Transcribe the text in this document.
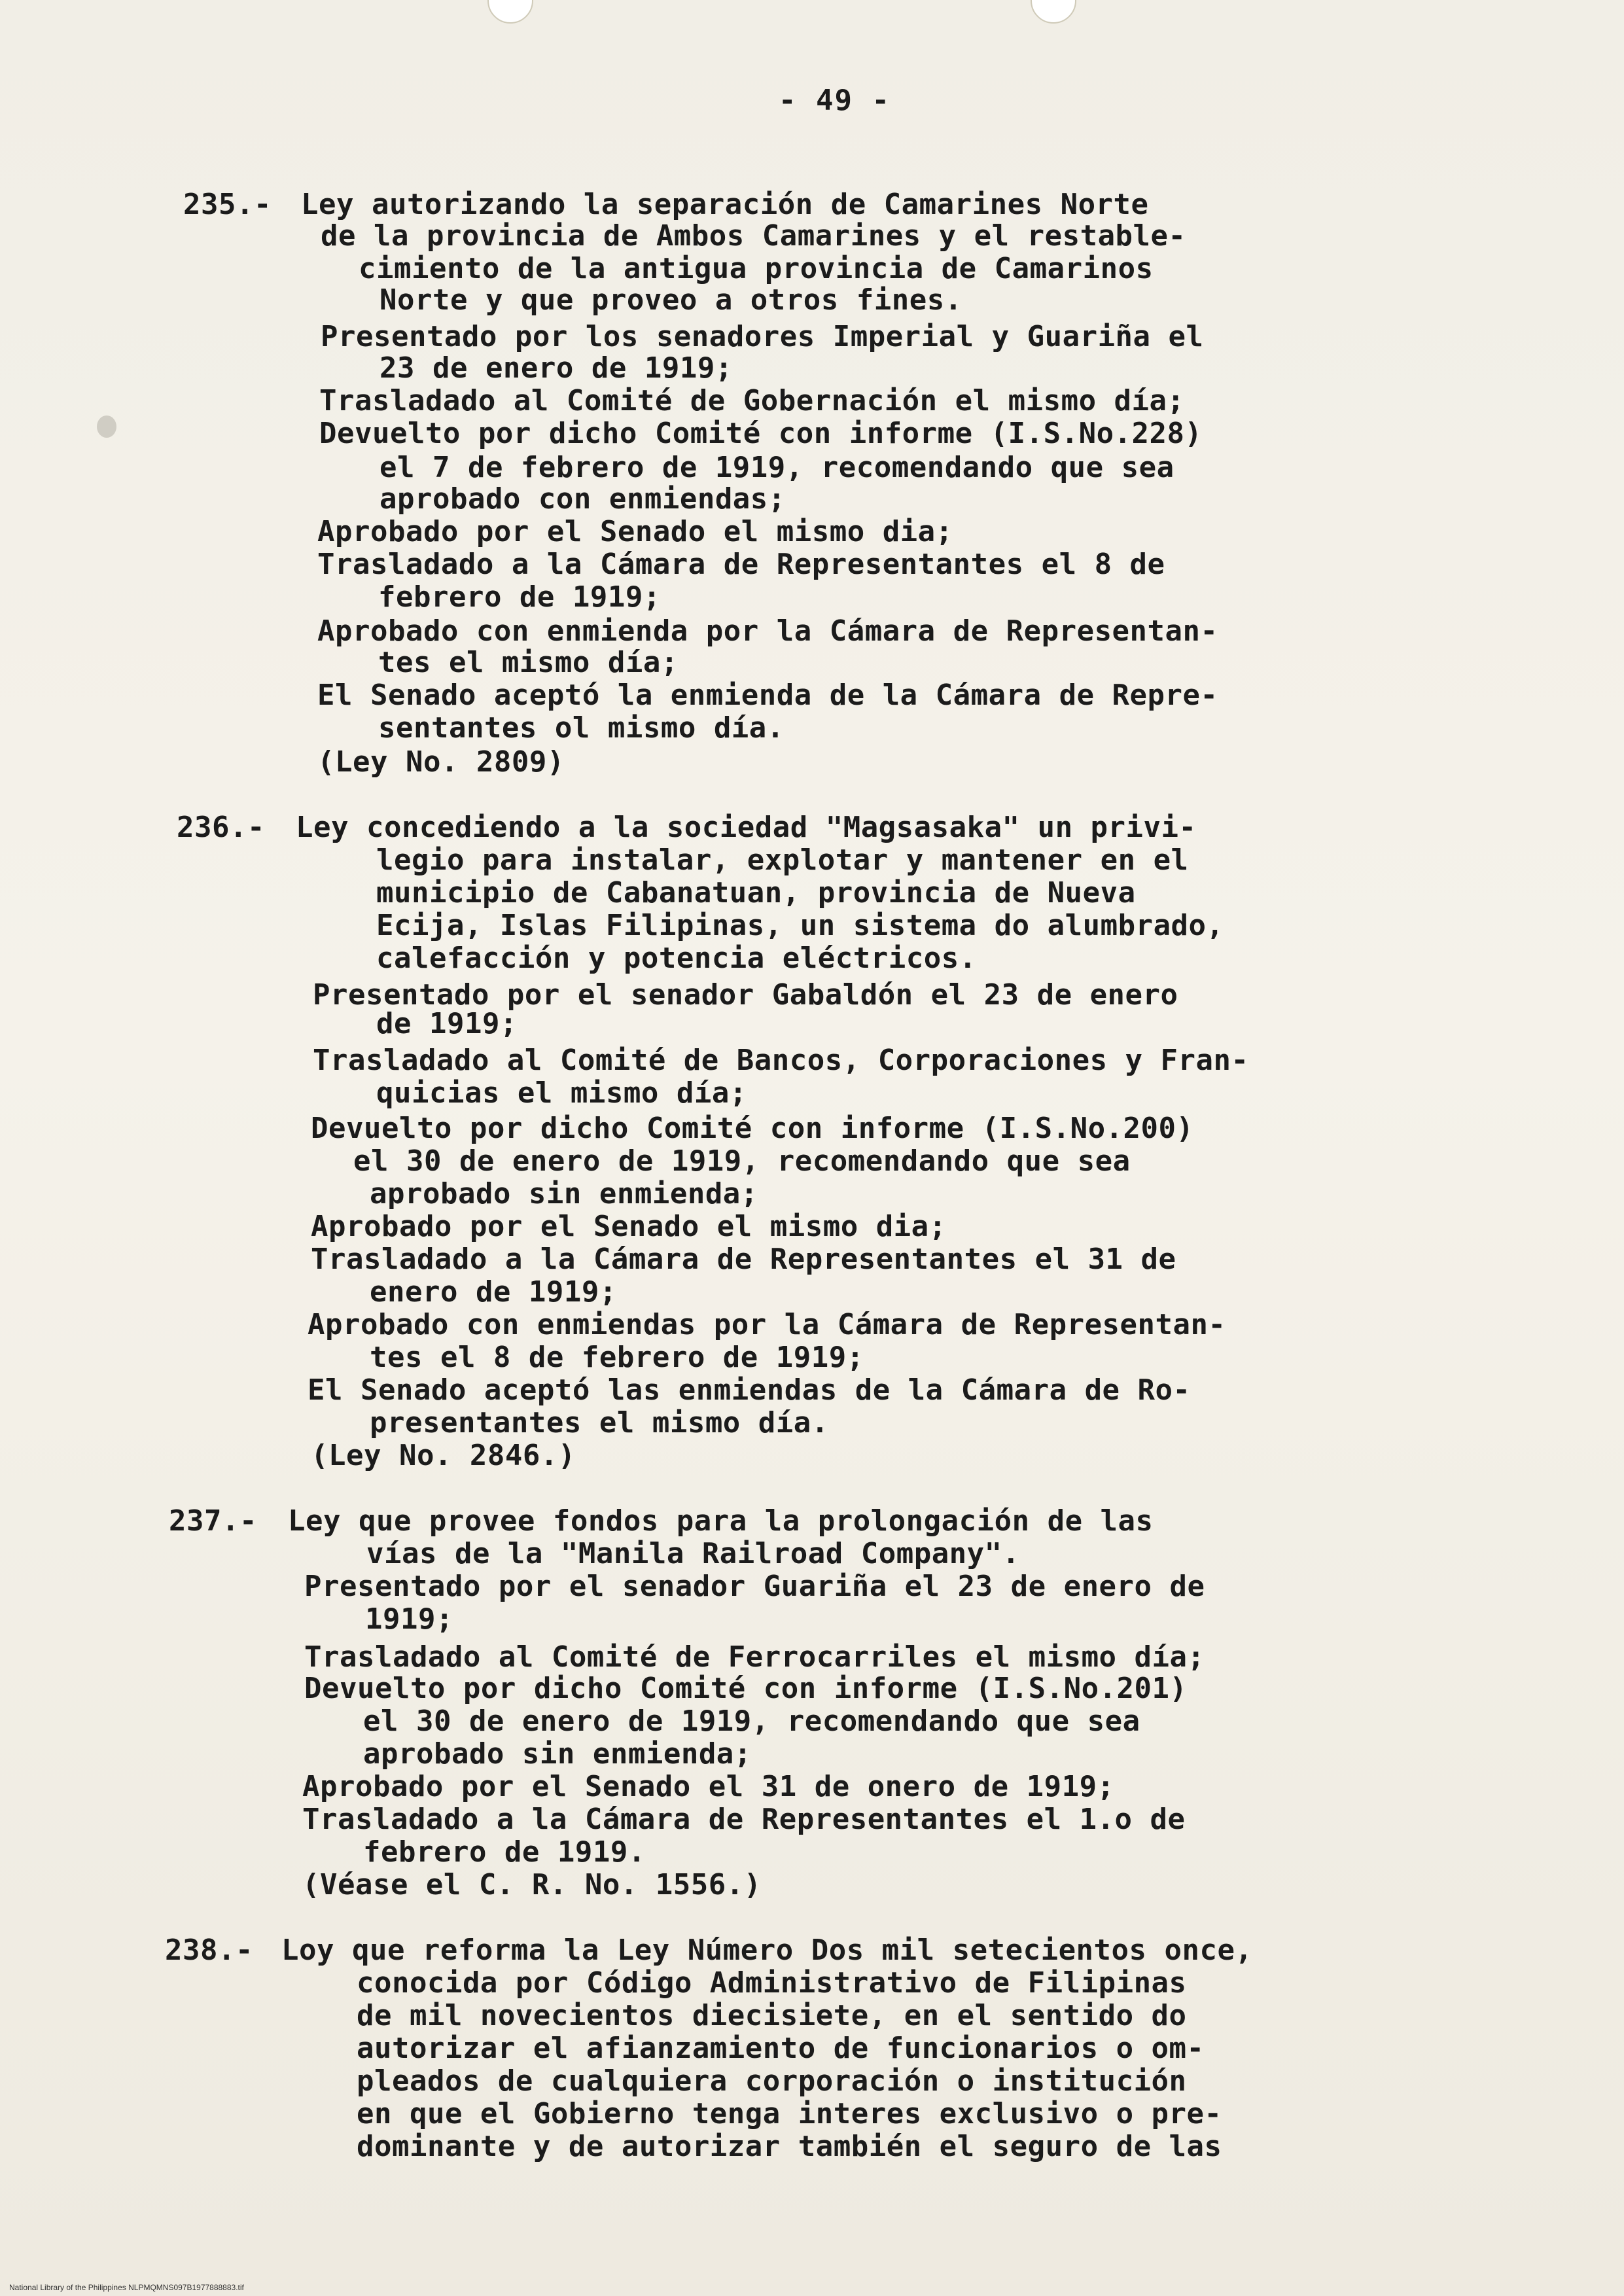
- 49 -
235.- Ley autorizando la separación de Camarines Norte
de la provincia de Ambos Camarines y el restable-
cimiento de la antigua provincia de Camarinos
Norte y que proveo a otros fines.
Presentado por los senadores Imperial y Guariña el
23 de enero de 1919;
Trasladado al Comité de Gobernación el mismo día;
Devuelto por dicho Comité con informe (I.S.No.228)
el 7 de febrero de 1919, recomendando que sea
aprobado con enmiendas;
Aprobado por el Senado el mismo dia;
Trasladado a la Cámara de Representantes el 8 de
febrero de 1919;
Aprobado con enmienda por la Cámara de Representan-
tes el mismo día;
El Senado aceptó la enmienda de la Cámara de Repre-
sentantes ol mismo día.
(Ley No. 2809)
236.- Ley concediendo a la sociedad "Magsasaka" un privi-
legio para instalar, explotar y mantener en el
municipio de Cabanatuan, provincia de Nueva
Ecija, Islas Filipinas, un sistema do alumbrado,
calefacción y potencia eléctricos.
Presentado por el senador Gabaldón el 23 de enero
de 1919;
Trasladado al Comité de Bancos, Corporaciones y Fran-
quicias el mismo día;
Devuelto por dicho Comité con informe (I.S.No.200)
el 30 de enero de 1919, recomendando que sea
aprobado sin enmienda;
Aprobado por el Senado el mismo dia;
Trasladado a la Cámara de Representantes el 31 de
enero de 1919;
Aprobado con enmiendas por la Cámara de Representan-
tes el 8 de febrero de 1919;
El Senado aceptó las enmiendas de la Cámara de Ro-
presentantes el mismo día.
(Ley No. 2846.)
237.- Ley que provee fondos para la prolongación de las
vías de la "Manila Railroad Company".
Presentado por el senador Guariña el 23 de enero de
1919;
Trasladado al Comité de Ferrocarriles el mismo día;
Devuelto por dicho Comité con informe (I.S.No.201)
el 30 de enero de 1919, recomendando que sea
aprobado sin enmienda;
Aprobado por el Senado el 31 de onero de 1919;
Trasladado a la Cámara de Representantes el 1.o de
febrero de 1919.
(Véase el C. R. No. 1556.)
238.- Loy que reforma la Ley Número Dos mil setecientos once,
conocida por Código Administrativo de Filipinas
de mil novecientos diecisiete, en el sentido do
autorizar el afianzamiento de funcionarios o om-
pleados de cualquiera corporación o institución
en que el Gobierno tenga interes exclusivo o pre-
dominante y de autorizar también el seguro de las
National Library of the Philippines NLPMQMNS097B1977888883.tif
